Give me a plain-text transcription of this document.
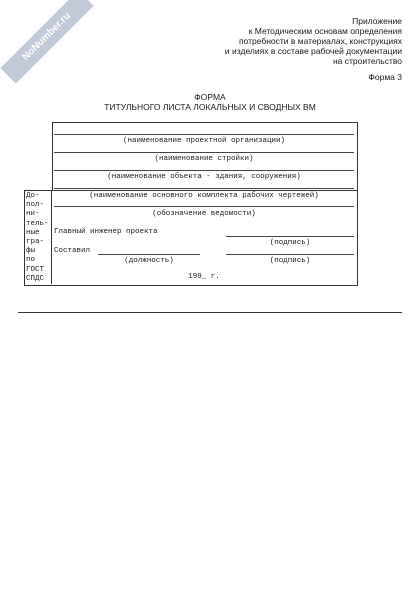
NoNumber.ru	Приложение
к Методическим основам определения
потребности в материалах, конструкциях
и изделиях в составе рабочей документации
на строительство
Форма 3
ФОРМА
ТИТУЛЬНОГО ЛИСТА ЛОКАЛЬНЫХ И СВОДНЫХ ВМ
До-
пол-
ни-
тель-
ные
гра-
фы
по
ГОСТ
СПДС
(наименование проектной организации)
(наименование стройки)
(наименование объекта - здания, сооружения)
(наименование основного комплекта рабочих чертежей)
(обозначение ведомости)
Главный инженер проекта
(подпись)
Составил
(должность)	(подпись)
199_ г.
